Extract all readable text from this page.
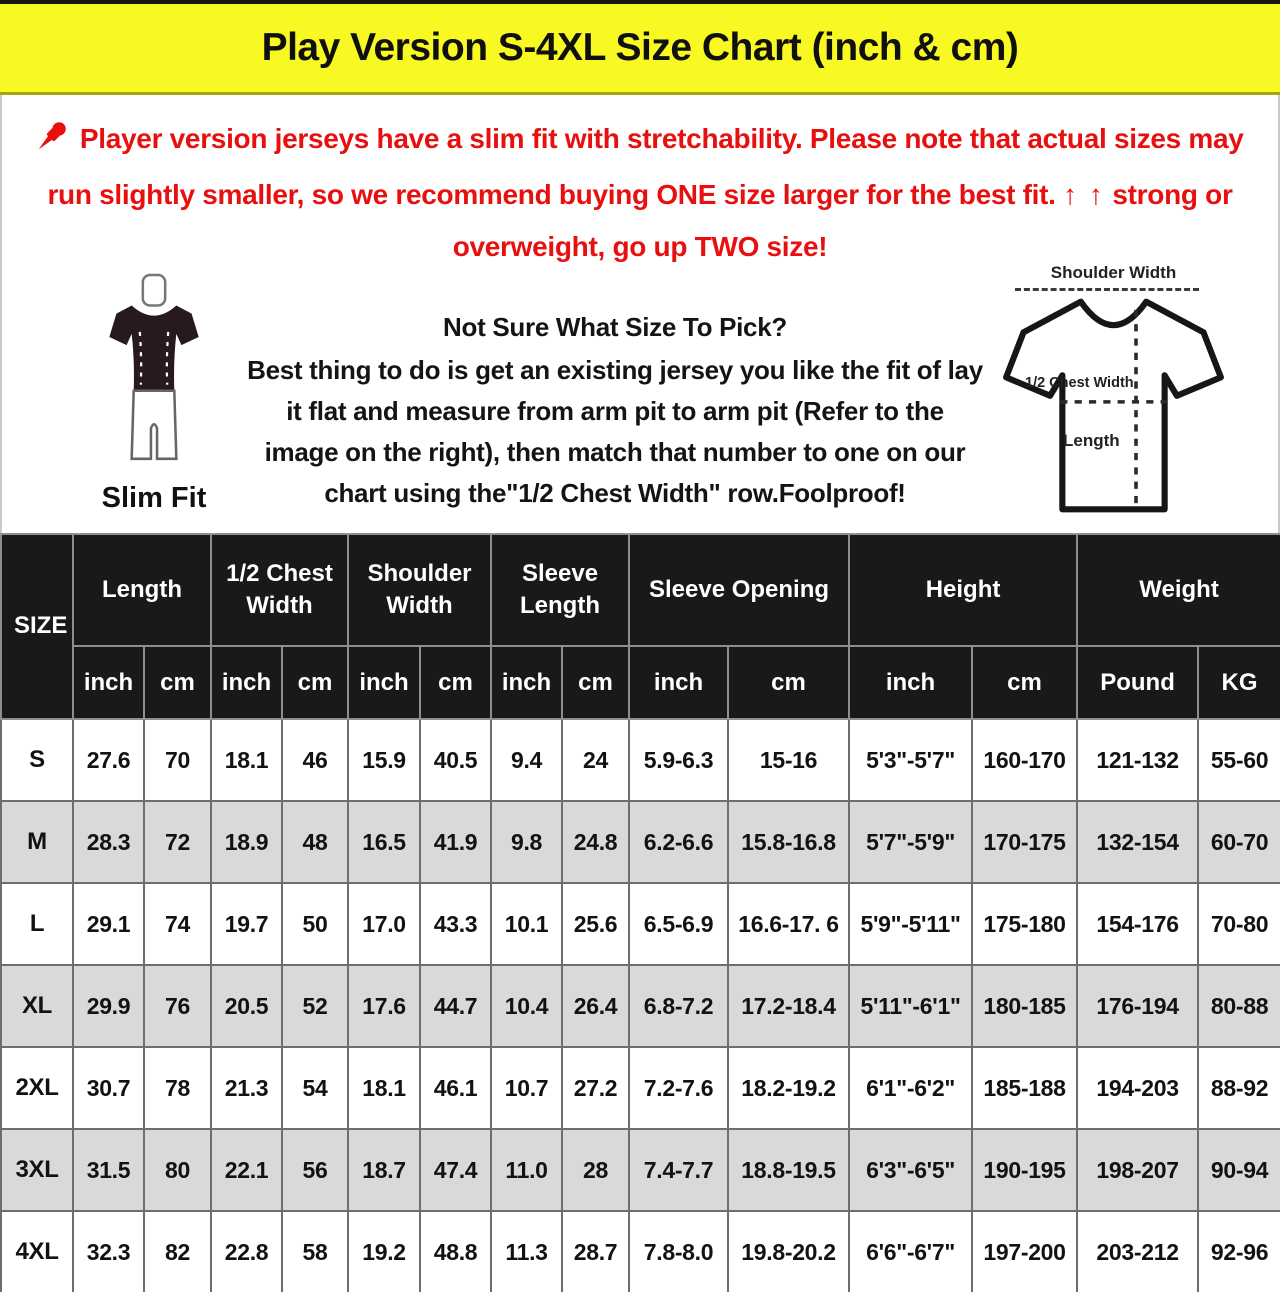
Play Version S-4XL Size Chart (inch & cm)
Player version jerseys have a slim fit with stretchability. Please note that actual sizes may run slightly smaller, so we recommend buying ONE size larger for the best fit. ↑ ↑ strong or overweight, go up TWO size!
Slim Fit
Not Sure What Size To Pick?
Best thing to do is get an existing jersey you like the fit of lay it flat and measure from arm pit to arm pit (Refer to the image on the right), then match that number to one on our chart using the"1/2 Chest Width" row.Foolproof!
Shoulder Width
1/2 Chest Width
Length
SIZE	Length		1/2 Chest Width		Shoulder Width		Sleeve Length		Sleeve Opening		Height		Weight	
	inch	cm	inch	cm	inch	cm	inch	cm	inch	cm	inch	cm	Pound	KG
S	27.6	70	18.1	46	15.9	40.5	9.4	24	5.9-6.3	15-16	5'3"-5'7"	160-170	121-132	55-60
M	28.3	72	18.9	48	16.5	41.9	9.8	24.8	6.2-6.6	15.8-16.8	5'7"-5'9"	170-175	132-154	60-70
L	29.1	74	19.7	50	17.0	43.3	10.1	25.6	6.5-6.9	16.6-17. 6	5'9"-5'11"	175-180	154-176	70-80
XL	29.9	76	20.5	52	17.6	44.7	10.4	26.4	6.8-7.2	17.2-18.4	5'11"-6'1"	180-185	176-194	80-88
2XL	30.7	78	21.3	54	18.1	46.1	10.7	27.2	7.2-7.6	18.2-19.2	6'1"-6'2"	185-188	194-203	88-92
3XL	31.5	80	22.1	56	18.7	47.4	11.0	28	7.4-7.7	18.8-19.5	6'3"-6'5"	190-195	198-207	90-94
4XL	32.3	82	22.8	58	19.2	48.8	11.3	28.7	7.8-8.0	19.8-20.2	6'6"-6'7"	197-200	203-212	92-96
